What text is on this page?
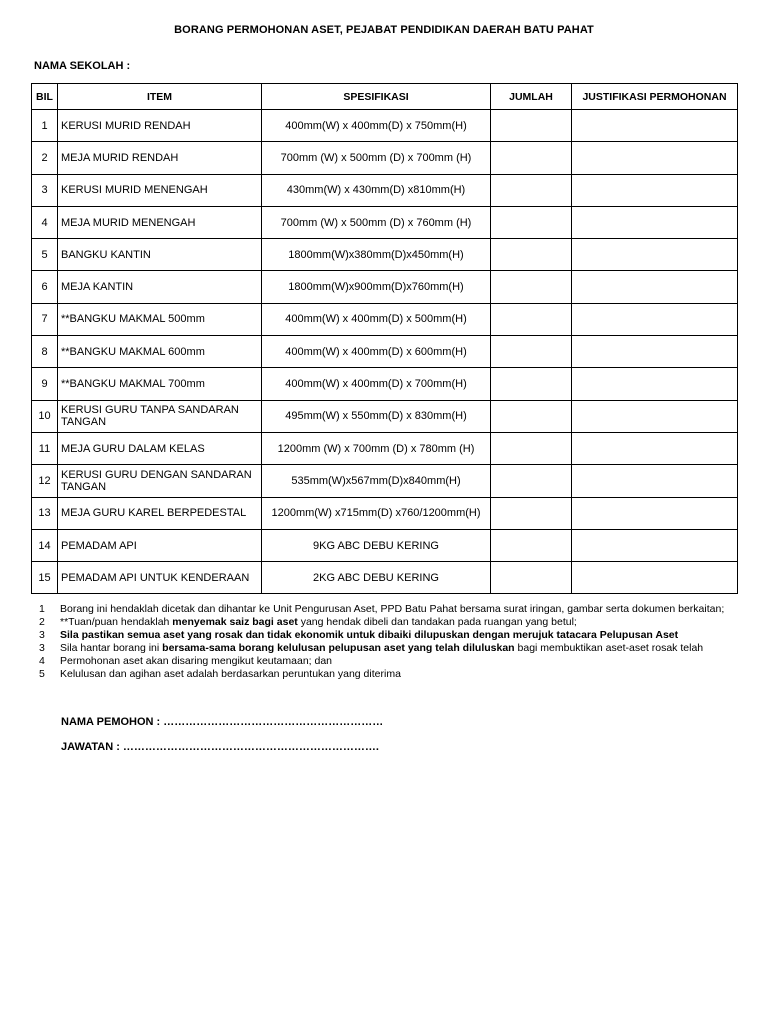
BORANG PERMOHONAN ASET, PEJABAT PENDIDIKAN DAERAH BATU PAHAT
NAMA SEKOLAH :
BIL	ITEM	SPESIFIKASI	JUMLAH	JUSTIFIKASI PERMOHONAN
1	KERUSI MURID RENDAH	400mm(W) x 400mm(D) x 750mm(H)		
2	MEJA MURID RENDAH	700mm (W) x 500mm (D) x 700mm (H)		
3	KERUSI MURID MENENGAH	430mm(W) x 430mm(D) x810mm(H)		
4	MEJA MURID MENENGAH	700mm (W) x 500mm (D) x 760mm (H)		
5	BANGKU KANTIN	1800mm(W)x380mm(D)x450mm(H)		
6	MEJA KANTIN	1800mm(W)x900mm(D)x760mm(H)		
7	**BANGKU MAKMAL 500mm	400mm(W) x 400mm(D) x 500mm(H)		
8	**BANGKU MAKMAL 600mm	400mm(W) x 400mm(D) x 600mm(H)		
9	**BANGKU MAKMAL 700mm	400mm(W) x 400mm(D) x 700mm(H)		
10	KERUSI GURU TANPA SANDARAN TANGAN	495mm(W) x 550mm(D) x 830mm(H)		
11	MEJA GURU DALAM KELAS	1200mm (W) x 700mm (D) x 780mm (H)		
12	KERUSI GURU DENGAN SANDARAN TANGAN	535mm(W)x567mm(D)x840mm(H)		
13	MEJA GURU KAREL BERPEDESTAL	1200mm(W) x715mm(D) x760/1200mm(H)		
14	PEMADAM API	9KG ABC DEBU KERING		
15	PEMADAM API UNTUK KENDERAAN	2KG ABC DEBU KERING		
1	Borang ini hendaklah dicetak dan dihantar ke Unit Pengurusan Aset, PPD Batu Pahat bersama surat iringan, gambar serta dokumen berkaitan;
2	**Tuan/puan hendaklah menyemak saiz bagi aset yang hendak dibeli dan tandakan pada ruangan yang betul;
3	Sila pastikan semua aset yang rosak dan tidak ekonomik untuk dibaiki dilupuskan dengan merujuk tatacara Pelupusan Aset
3	Sila hantar borang ini bersama-sama borang kelulusan pelupusan aset yang telah diluluskan bagi membuktikan aset-aset rosak telah
4	Permohonan aset akan disaring mengikut keutamaan; dan
5	Kelulusan dan agihan aset adalah berdasarkan peruntukan yang diterima
NAMA PEMOHON : ……………………………………………………
JAWATAN : …………………………………………………………….
